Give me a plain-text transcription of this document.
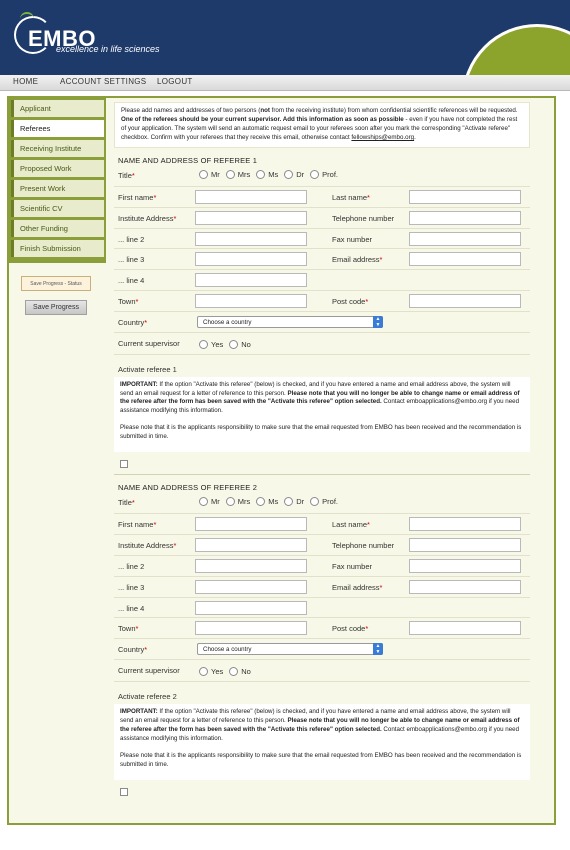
EMBO
excellence in life sciences
HOME	ACCOUNT SETTINGS LOGOUT
Applicant
Referees
Receiving Institute
Proposed Work
Present Work
Scientific CV
Other Funding
Finish Submission
Save Progress - Status
Save Progress
Please add names and addresses of two persons (not from the receiving institute) from whom confidential scientific references will be requested. One of the referees should be your current supervisor. Add this information as soon as possible - even if you have not completed the rest of your application. The system will send an automatic request email to your referees soon after you mark the corresponding "Activate referee" checkbox. Confirm with your referees that they receive this email, otherwise contact fellowships@embo.org.
NAME AND ADDRESS OF REFEREE 1
Title*	Mr Mrs Ms Dr Prof.
First name*	Last name*
Institute Address*	Telephone number
... line 2	Fax number
... line 3	Email address*
... line 4
Town*	Post code*
Country*	Choose a country	▲
▼
Current supervisor	Yes No
Activate referee 1
IMPORTANT: If the option "Activate this referee" (below) is checked, and if you have entered a name and email address above, the system will send an email request for a letter of reference to this person. Please note that you will no longer be able to change name or email address of the referee after the form has been saved with the "Activate this referee" option selected. Contact emboapplications@embo.org if you need assistance modifying this information.
Please note that it is the applicants responsibility to make sure that the email requested from EMBO has been received and the recommendation is submitted in time.
NAME AND ADDRESS OF REFEREE 2
Title*	Mr Mrs Ms Dr Prof.
First name*	Last name*
Institute Address*	Telephone number
... line 2	Fax number
... line 3	Email address*
... line 4
Town*	Post code*
Country*	Choose a country	▲
▼
Current supervisor	Yes No
Activate referee 2
IMPORTANT: If the option "Activate this referee" (below) is checked, and if you have entered a name and email address above, the system will send an email request for a letter of reference to this person. Please note that you will no longer be able to change name or email address of the referee after the form has been saved with the "Activate this referee" option selected. Contact emboapplications@embo.org if you need assistance modifying this information.
Please note that it is the applicants responsibility to make sure that the email requested from EMBO has been received and the recommendation is submitted in time.
